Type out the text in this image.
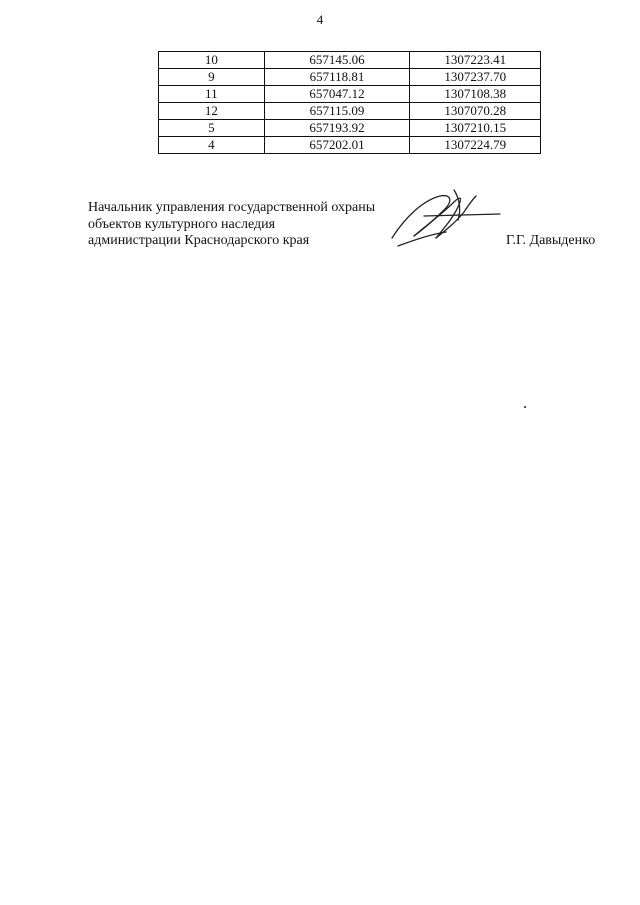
4
10	657145.06	1307223.41
9	657118.81	1307237.70
11	657047.12	1307108.38
12	657115.09	1307070.28
5	657193.92	1307210.15
4	657202.01	1307224.79
Начальник управления государственной охраны
объектов культурного наследия
администрации Краснодарского края	Г.Г. Давыденко
